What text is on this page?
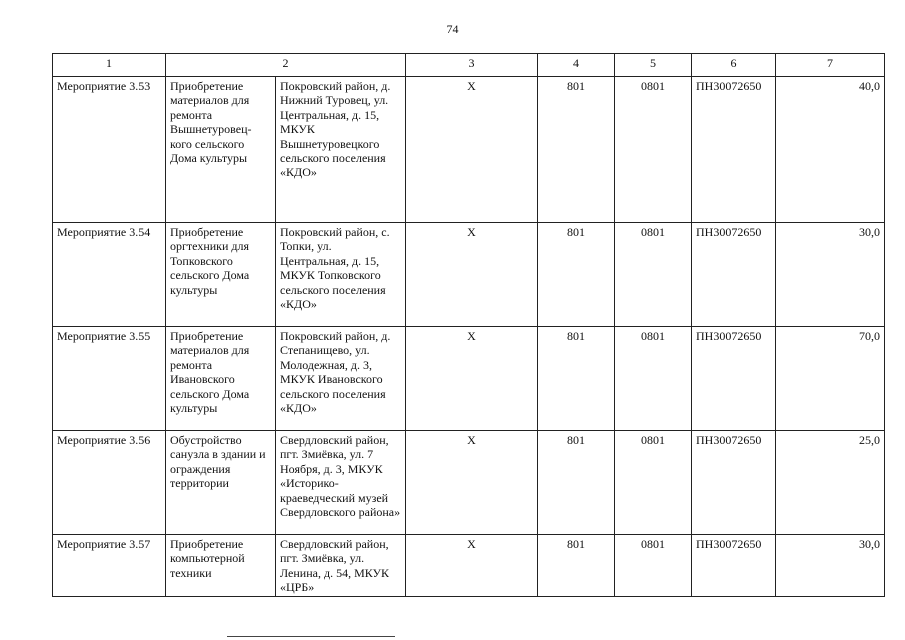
74
1	2		3	4	5	6	7
Мероприятие 3.53	Приобретение материалов для ремонта Вышнетуровец-кого сельского Дома культуры	Покровский район, д. Нижний Туровец, ул. Центральная, д. 15, МКУК Вышнетуровецкого сельского поселения «КДО»	X	801	0801	ПН30072650	40,0
Мероприятие 3.54	Приобретение оргтехники для Топковского сельского Дома культуры	Покровский район, с. Топки, ул. Центральная, д. 15, МКУК Топковского сельского поселения «КДО»	X	801	0801	ПН30072650	30,0
Мероприятие 3.55	Приобретение материалов для ремонта Ивановского сельского Дома культуры	Покровский район, д. Степанищево, ул. Молодежная, д. 3, МКУК Ивановского сельского поселения «КДО»	X	801	0801	ПН30072650	70,0
Мероприятие 3.56	Обустройство санузла в здании и ограждения территории	Свердловский район, пгт. Змиёвка, ул. 7 Ноября, д. 3, МКУК «Историко-краеведческий музей Свердловского района»	X	801	0801	ПН30072650	25,0
Мероприятие 3.57	Приобретение компьютерной техники	Свердловский район, пгт. Змиёвка, ул. Ленина, д. 54, МКУК «ЦРБ»	X	801	0801	ПН30072650	30,0
